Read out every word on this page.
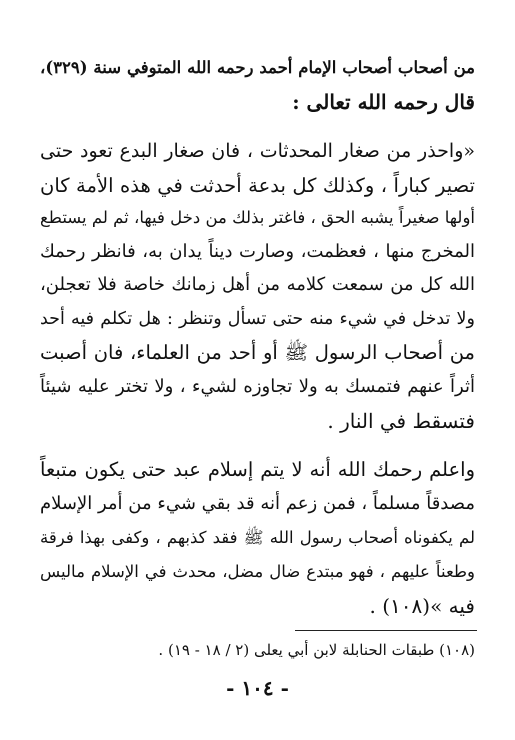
من أصحاب أصحاب الإمام أحمد رحمه الله المتوفي سنة (٣٢٩)،
قال رحمه الله تعالى :
«واحذر من صغار المحدثات ، فان صغار البدع تعود حتى
تصير كباراً ، وكذلك كل بدعة أحدثت في هذه الأمة كان
أولها صغيراً يشبه الحق ، فاغتر بذلك من دخل فيها، ثم لم يستطع
المخرج منها ، فعظمت، وصارت ديناً يدان به، فانظر رحمك
الله كل من سمعت كلامه من أهل زمانك خاصة فلا تعجلن،
ولا تدخل في شيء منه حتى تسأل وتنظر : هل تكلم فيه أحد
من أصحاب الرسول ﷺ أو أحد من العلماء، فان أصبت
أثراً عنهم فتمسك به ولا تجاوزه لشيء ، ولا تختر عليه شيئاً
فتسقط في النار .
واعلم رحمك الله أنه لا يتم إسلام عبد حتى يكون متبعاً
مصدقاً مسلماً ، فمن زعم أنه قد بقي شيء من أمر الإسلام
لم يكفوناه أصحاب رسول الله ﷺ فقد كذبهم ، وكفى بهذا فرقة
وطعناً عليهم ، فهو مبتدع ضال مضل، محدث في الإسلام ماليس
فيه »(١٠٨) .
(١٠٨) طبقات الحنابلة لابن أبي يعلى (٢ / ١٨ - ١٩) .
- ١٠٤ -
